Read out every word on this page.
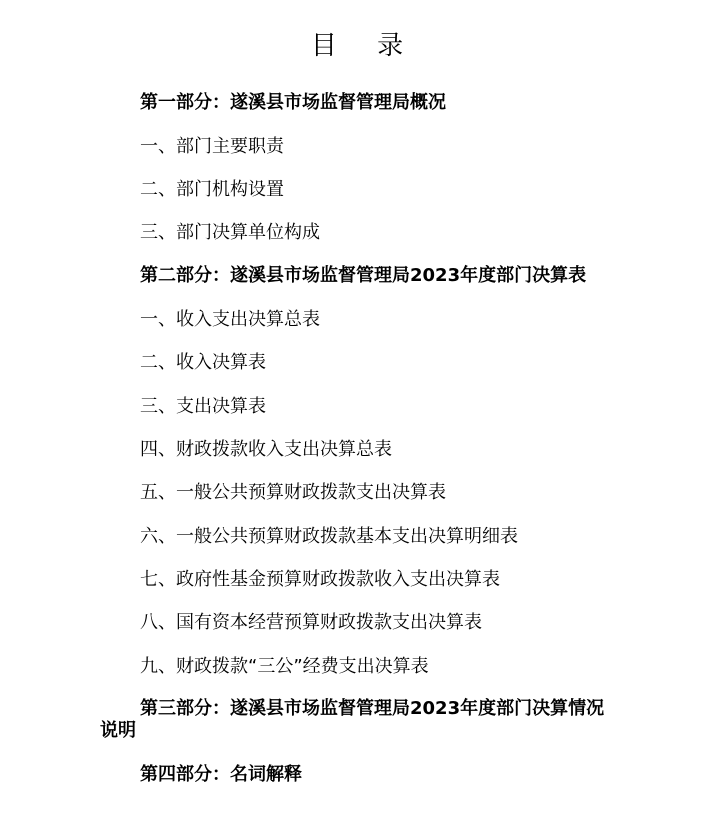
目 录
第一部分：遂溪县市场监督管理局概况
一、部门主要职责
二、部门机构设置
三、部门决算单位构成
第二部分：遂溪县市场监督管理局2023年度部门决算表
一、收入支出决算总表
二、收入决算表
三、支出决算表
四、财政拨款收入支出决算总表
五、一般公共预算财政拨款支出决算表
六、一般公共预算财政拨款基本支出决算明细表
七、政府性基金预算财政拨款收入支出决算表
八、国有资本经营预算财政拨款支出决算表
九、财政拨款“三公”经费支出决算表
第三部分：遂溪县市场监督管理局2023年度部门决算情况说明
第四部分：名词解释
